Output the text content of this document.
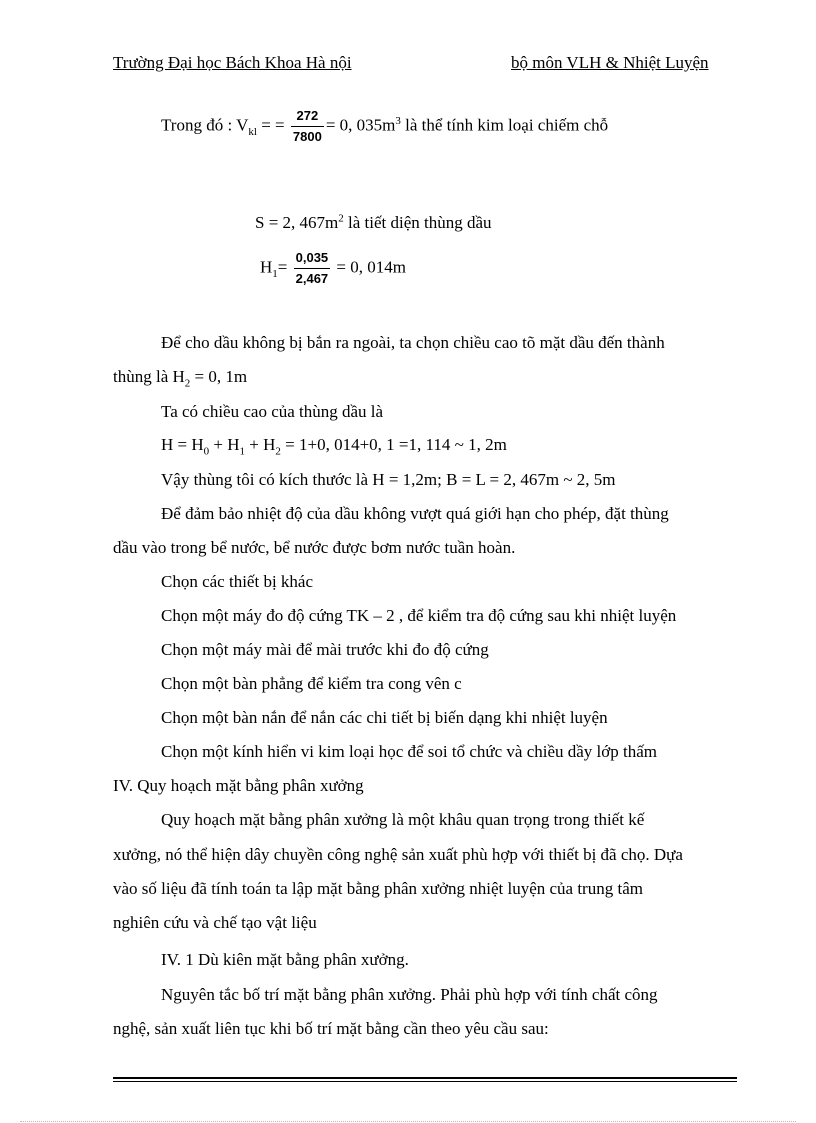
Trường Đại học Bách Khoa Hà nội	bộ môn VLH & Nhiệt Luyện
Trong đó : $V_{kl}$ = = $\frac{272}{7800} = 0$, $035m^3$ là thể tính kim loại chiếm chỗ
S = 2, $467m^2$ là tiết diện thùng dầu
$H_1= \frac{0,035}{2,467} = 0$, 014m
Để cho dầu không bị bắn ra ngoài, ta chọn chiều cao tõ mặt dầu đến thành
thùng là $H_2 = 0$, 1m
Ta có chiều cao của thùng dầu là
$H = H_0 + H_1 + H_2 = 1+0$, 014+0, 1 =1, 114 ~ 1, 2m
Vậy thùng tôi có kích thước là H = 1,2m; B = L = 2, 467m ~ 2, 5m
Để đảm bảo nhiệt độ của dầu không vượt quá giới hạn cho phép, đặt thùng
dầu vào trong bể nước, bể nước được bơm nước tuần hoàn.
Chọn các thiết bị khác
Chọn một máy đo độ cứng TK – 2 , để kiểm tra độ cứng sau khi nhiệt luyện
Chọn một máy mài để mài trước khi đo độ cứng
Chọn một bàn phẳng để kiểm tra cong vên c
Chọn một bàn nắn để nắn các chi tiết bị biến dạng khi nhiệt luyện
Chọn một kính hiển vi kim loại học để soi tổ chức và chiều dầy lớp thấm
IV. Quy hoạch mặt bằng phân xưởng
Quy hoạch mặt bằng phân xưởng là một khâu quan trọng trong thiết kế
xưởng, nó thể hiện dây chuyền công nghệ sản xuất phù hợp với thiết bị đã chọ. Dựa
vào số liệu đã tính toán ta lập mặt bằng phân xưởng nhiệt luyện của trung tâm
nghiên cứu và chế tạo vật liệu
IV. 1 Dù kiên mặt bằng phân xưởng.
Nguyên tắc bố trí mặt bằng phân xưởng. Phải phù hợp với tính chất công
nghệ, sản xuất liên tục khi bố trí mặt bằng cần theo yêu cầu sau:
